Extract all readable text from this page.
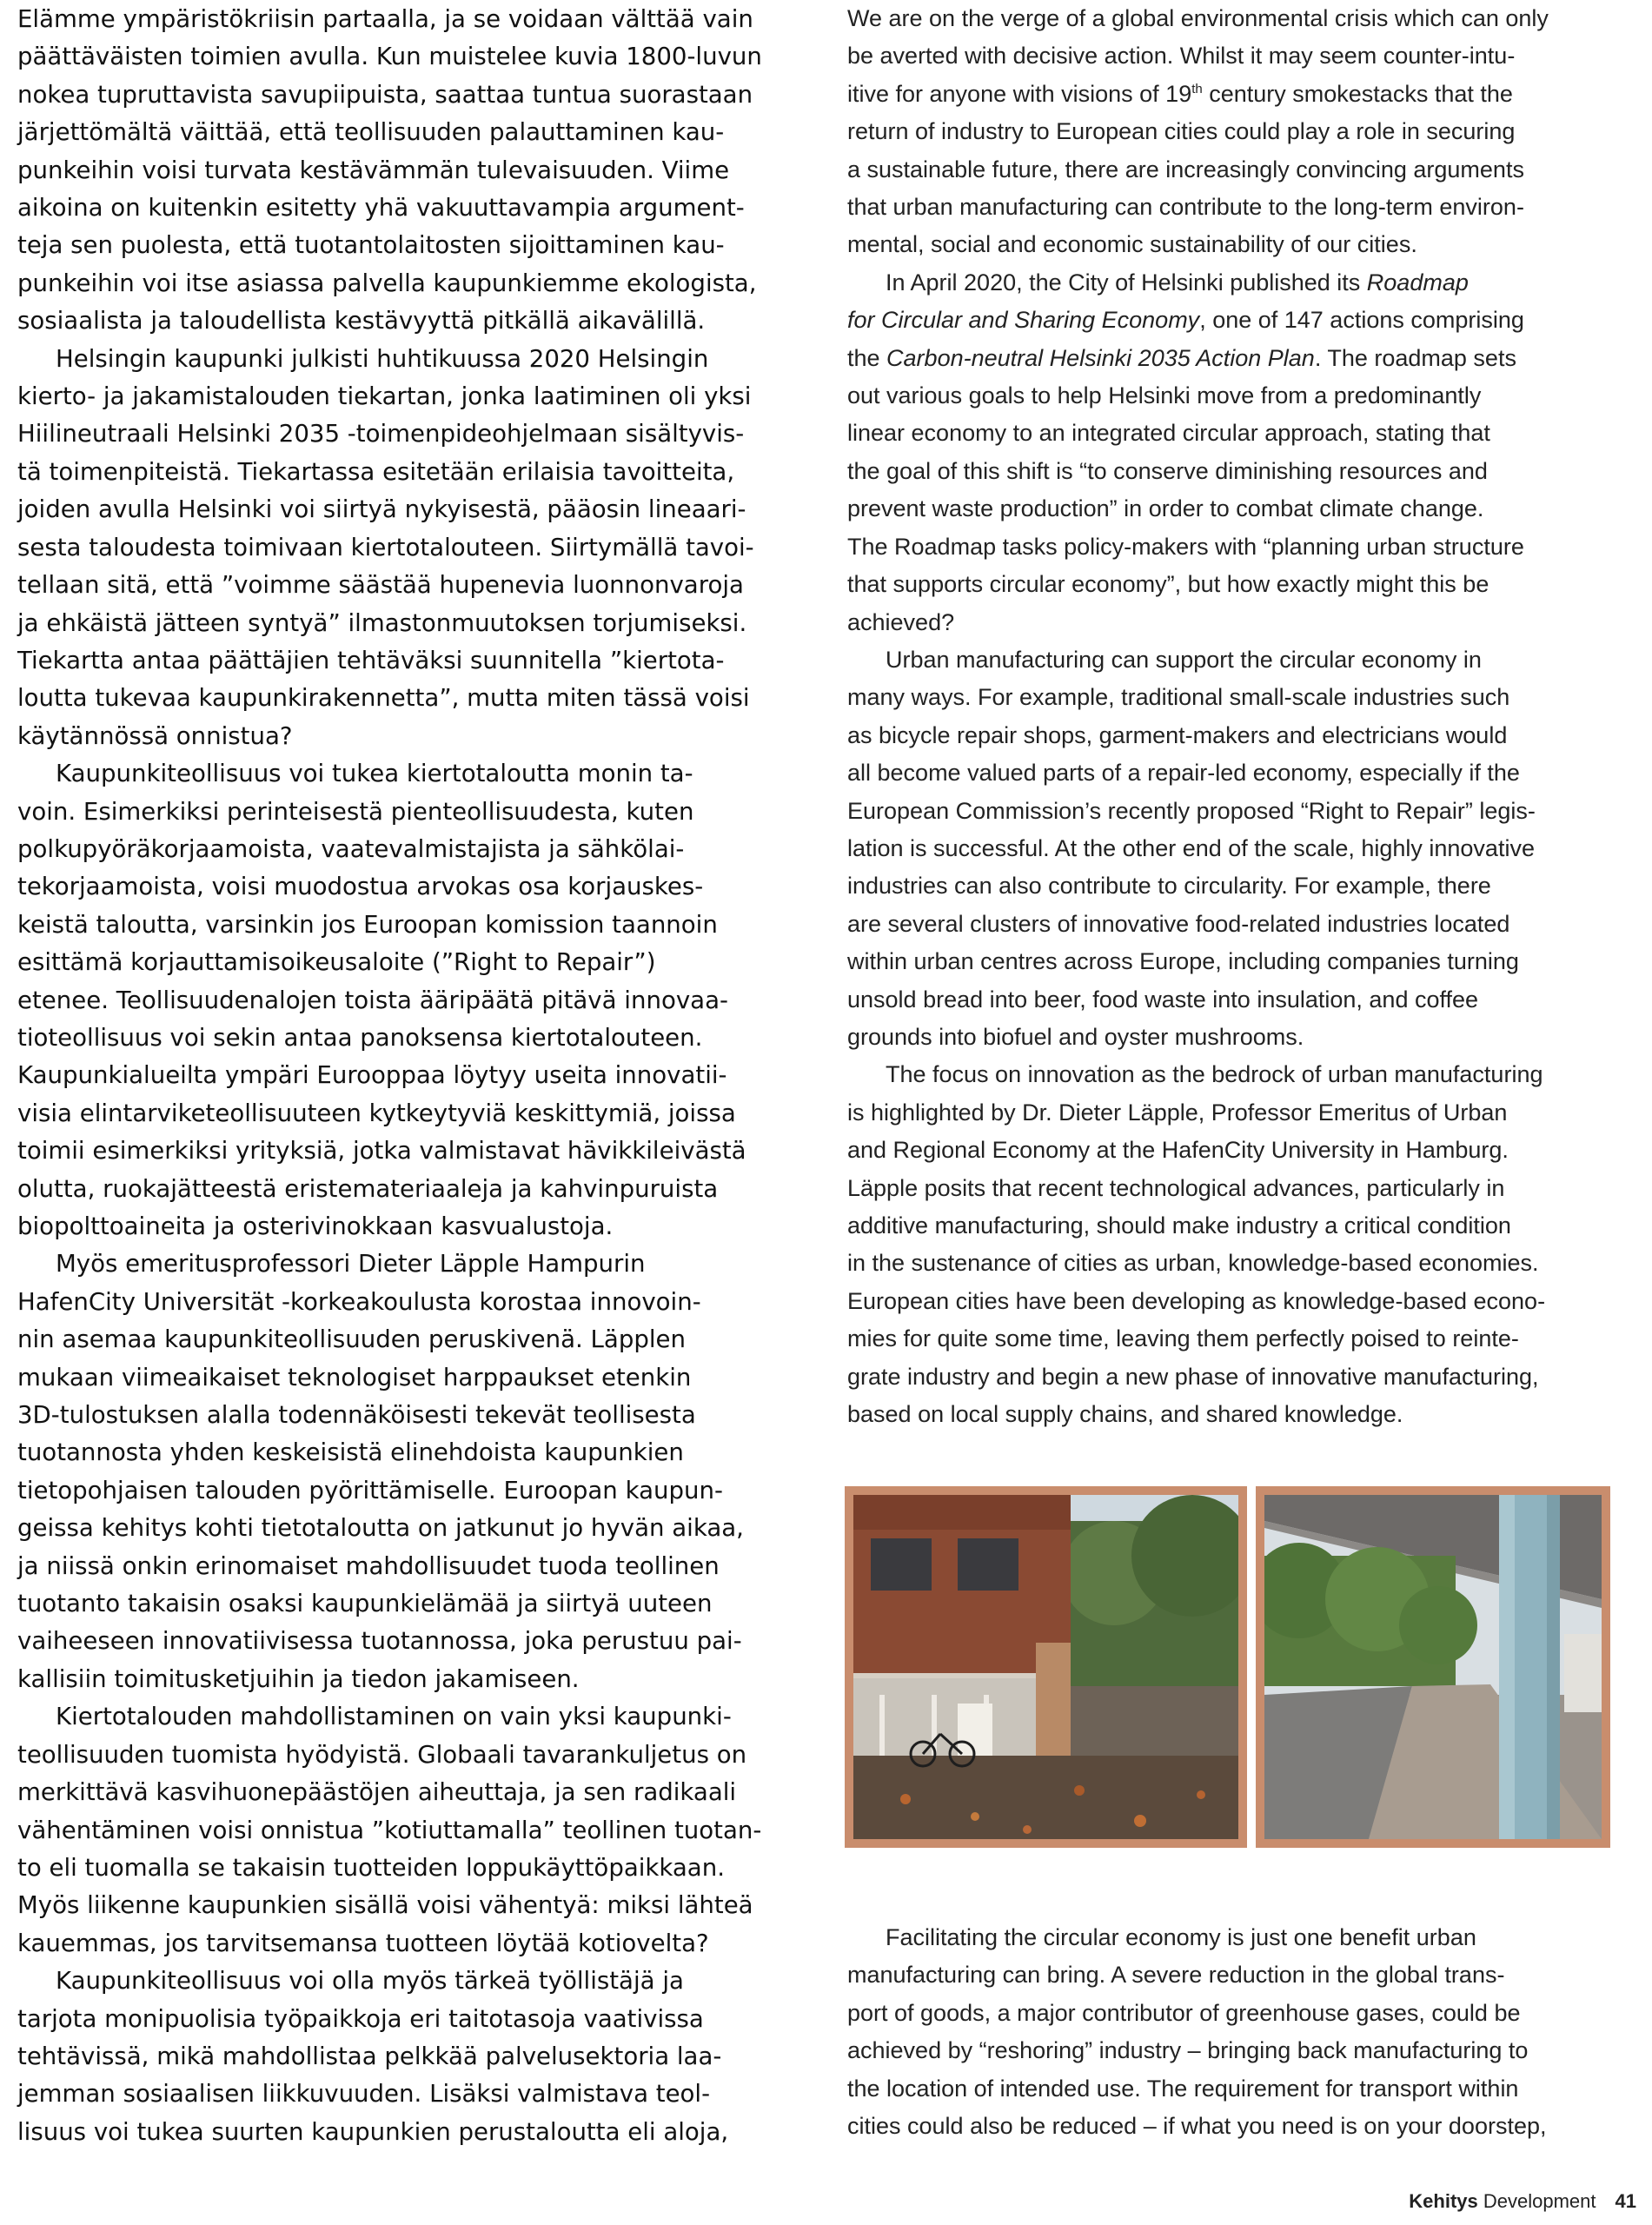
Elämme ympäristökriisin partaalla, ja se voidaan välttää vain
päättäväisten toimien avulla. Kun muistelee kuvia 1800-luvun
nokea tupruttavista savupiipuista, saattaa tuntua suorastaan
järjettömältä väittää, että teollisuuden palauttaminen kau-
punkeihin voisi turvata kestävämmän tulevaisuuden. Viime
aikoina on kuitenkin esitetty yhä vakuuttavampia argument-
teja sen puolesta, että tuotantolaitosten sijoittaminen kau-
punkeihin voi itse asiassa palvella kaupunkiemme ekologista,
sosiaalista ja taloudellista kestävyyttä pitkällä aikavälillä.
Helsingin kaupunki julkisti huhtikuussa 2020 Helsingin
kierto- ja jakamistalouden tiekartan, jonka laatiminen oli yksi
Hiilineutraali Helsinki 2035 -toimenpideohjelmaan sisältyvis-
tä toimenpiteistä. Tiekartassa esitetään erilaisia tavoitteita,
joiden avulla Helsinki voi siirtyä nykyisestä, pääosin lineaari-
sesta taloudesta toimivaan kiertotalouteen. Siirtymällä tavoi-
tellaan sitä, että ”voimme säästää hupenevia luonnonvaroja
ja ehkäistä jätteen syntyä” ilmastonmuutoksen torjumiseksi.
Tiekartta antaa päättäjien tehtäväksi suunnitella ”kiertota-
loutta tukevaa kaupunkirakennetta”, mutta miten tässä voisi
käytännössä onnistua?
Kaupunkiteollisuus voi tukea kiertotaloutta monin ta-
voin. Esimerkiksi perinteisestä pienteollisuudesta, kuten
polkupyöräkorjaamoista, vaatevalmistajista ja sähkölai-
tekorjaamoista, voisi muodostua arvokas osa korjauskes-
keistä taloutta, varsinkin jos Euroopan komission taannoin
esittämä korjauttamisoikeusaloite (”Right to Repair”)
etenee. Teollisuudenalojen toista ääripäätä pitävä innovaa-
tioteollisuus voi sekin antaa panoksensa kiertotalouteen.
Kaupunkialueilta ympäri Eurooppaa löytyy useita innovatii-
visia elintarviketeollisuuteen kytkeytyviä keskittymiä, joissa
toimii esimerkiksi yrityksiä, jotka valmistavat hävikkileivästä
olutta, ruokajätteestä eristemateriaaleja ja kahvinpuruista
biopolttoaineita ja osterivinokkaan kasvualustoja.
Myös emeritusprofessori Dieter Läpple Hampurin
HafenCity Universität -korkeakoulusta korostaa innovoin-
nin asemaa kaupunkiteollisuuden peruskivenä. Läpplen
mukaan viimeaikaiset teknologiset harppaukset etenkin
3D-tulostuksen alalla todennäköisesti tekevät teollisesta
tuotannosta yhden keskeisistä elinehdoista kaupunkien
tietopohjaisen talouden pyörittämiselle. Euroopan kaupun-
geissa kehitys kohti tietotaloutta on jatkunut jo hyvän aikaa,
ja niissä onkin erinomaiset mahdollisuudet tuoda teollinen
tuotanto takaisin osaksi kaupunkielämää ja siirtyä uuteen
vaiheeseen innovatiivisessa tuotannossa, joka perustuu pai-
kallisiin toimitusketjuihin ja tiedon jakamiseen.
Kiertotalouden mahdollistaminen on vain yksi kaupunki-
teollisuuden tuomista hyödyistä. Globaali tavarankuljetus on
merkittävä kasvihuonepäästöjen aiheuttaja, ja sen radikaali
vähentäminen voisi onnistua ”kotiuttamalla” teollinen tuotan-
to eli tuomalla se takaisin tuotteiden loppukäyttöpaikkaan.
Myös liikenne kaupunkien sisällä voisi vähentyä: miksi lähteä
kauemmas, jos tarvitsemansa tuotteen löytää kotiovelta?
Kaupunkiteollisuus voi olla myös tärkeä työllistäjä ja
tarjota monipuolisia työpaikkoja eri taitotasoja vaativissa
tehtävissä, mikä mahdollistaa pelkkää palvelusektoria laa-
jemman sosiaalisen liikkuvuuden. Lisäksi valmistava teol-
lisuus voi tukea suurten kaupunkien perustaloutta eli aloja,
We are on the verge of a global environmental crisis which can only
be averted with decisive action. Whilst it may seem counter-intu-
itive for anyone with visions of 19th century smokestacks that the
return of industry to European cities could play a role in securing
a sustainable future, there are increasingly convincing arguments
that urban manufacturing can contribute to the long-term environ-
mental, social and economic sustainability of our cities.
In April 2020, the City of Helsinki published its Roadmap
for Circular and Sharing Economy, one of 147 actions comprising
the Carbon-neutral Helsinki 2035 Action Plan. The roadmap sets
out various goals to help Helsinki move from a predominantly
linear economy to an integrated circular approach, stating that
the goal of this shift is “to conserve diminishing resources and
prevent waste production” in order to combat climate change.
The Roadmap tasks policy-makers with “planning urban structure
that supports circular economy”, but how exactly might this be
achieved?
Urban manufacturing can support the circular economy in
many ways. For example, traditional small-scale industries such
as bicycle repair shops, garment-makers and electricians would
all become valued parts of a repair-led economy, especially if the
European Commission’s recently proposed “Right to Repair” legis-
lation is successful. At the other end of the scale, highly innovative
industries can also contribute to circularity. For example, there
are several clusters of innovative food-related industries located
within urban centres across Europe, including companies turning
unsold bread into beer, food waste into insulation, and coffee
grounds into biofuel and oyster mushrooms.
The focus on innovation as the bedrock of urban manufacturing
is highlighted by Dr. Dieter Läpple, Professor Emeritus of Urban
and Regional Economy at the HafenCity University in Hamburg.
Läpple posits that recent technological advances, particularly in
additive manufacturing, should make industry a critical condition
in the sustenance of cities as urban, knowledge-based economies.
European cities have been developing as knowledge-based econo-
mies for quite some time, leaving them perfectly poised to reinte-
grate industry and begin a new phase of innovative manufacturing,
based on local supply chains, and shared knowledge.
Facilitating the circular economy is just one benefit urban
manufacturing can bring. A severe reduction in the global trans-
port of goods, a major contributor of greenhouse gases, could be
achieved by “reshoring” industry – bringing back manufacturing to
the location of intended use. The requirement for transport within
cities could also be reduced – if what you need is on your doorstep,
Kehitys Development 41
